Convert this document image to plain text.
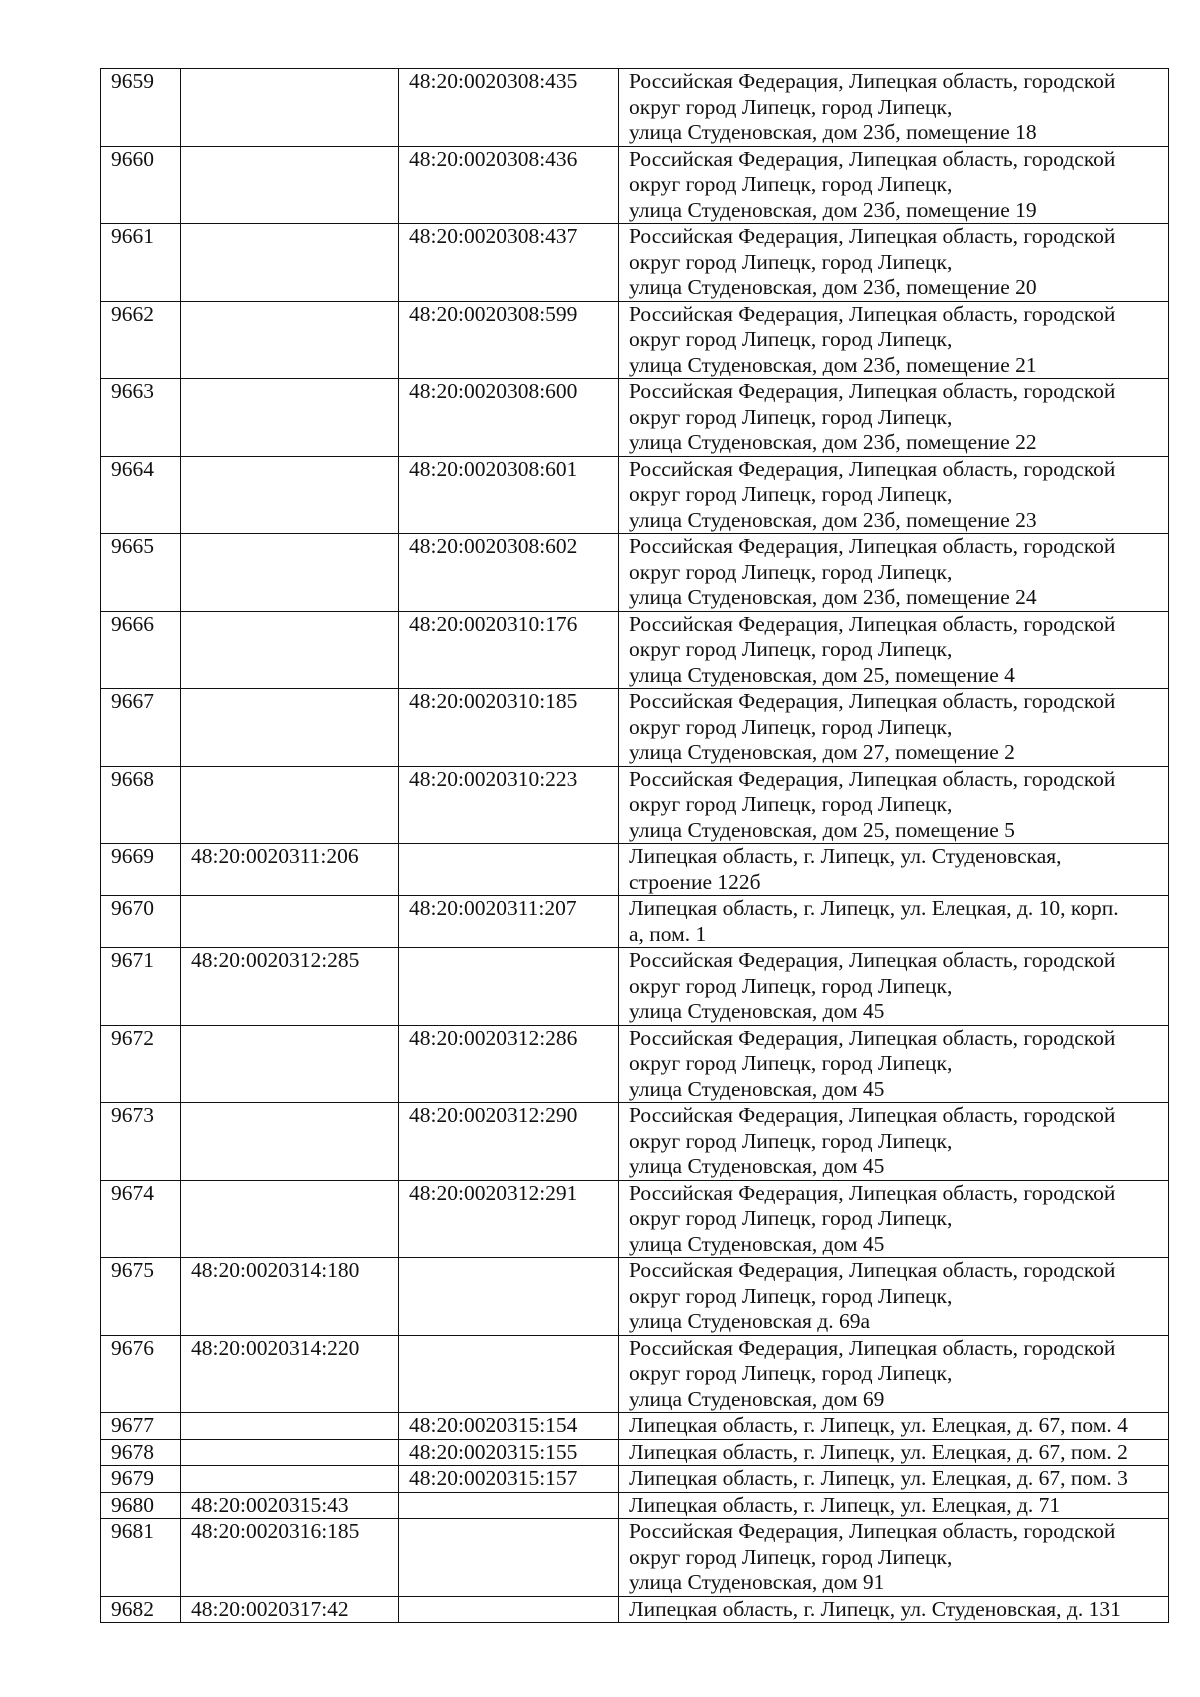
9659		48:20:0020308:435	Российская Федерация, Липецкая область, городской
округ город Липецк, город Липецк,
улица Студеновская, дом 23б, помещение 18
9660		48:20:0020308:436	Российская Федерация, Липецкая область, городской
округ город Липецк, город Липецк,
улица Студеновская, дом 23б, помещение 19
9661		48:20:0020308:437	Российская Федерация, Липецкая область, городской
округ город Липецк, город Липецк,
улица Студеновская, дом 23б, помещение 20
9662		48:20:0020308:599	Российская Федерация, Липецкая область, городской
округ город Липецк, город Липецк,
улица Студеновская, дом 23б, помещение 21
9663		48:20:0020308:600	Российская Федерация, Липецкая область, городской
округ город Липецк, город Липецк,
улица Студеновская, дом 23б, помещение 22
9664		48:20:0020308:601	Российская Федерация, Липецкая область, городской
округ город Липецк, город Липецк,
улица Студеновская, дом 23б, помещение 23
9665		48:20:0020308:602	Российская Федерация, Липецкая область, городской
округ город Липецк, город Липецк,
улица Студеновская, дом 23б, помещение 24
9666		48:20:0020310:176	Российская Федерация, Липецкая область, городской
округ город Липецк, город Липецк,
улица Студеновская, дом 25, помещение 4
9667		48:20:0020310:185	Российская Федерация, Липецкая область, городской
округ город Липецк, город Липецк,
улица Студеновская, дом 27, помещение 2
9668		48:20:0020310:223	Российская Федерация, Липецкая область, городской
округ город Липецк, город Липецк,
улица Студеновская, дом 25, помещение 5
9669	48:20:0020311:206		Липецкая область, г. Липецк, ул. Студеновская,
строение 122б
9670		48:20:0020311:207	Липецкая область, г. Липецк, ул. Елецкая, д. 10, корп.
а, пом. 1
9671	48:20:0020312:285		Российская Федерация, Липецкая область, городской
округ город Липецк, город Липецк,
улица Студеновская, дом 45
9672		48:20:0020312:286	Российская Федерация, Липецкая область, городской
округ город Липецк, город Липецк,
улица Студеновская, дом 45
9673		48:20:0020312:290	Российская Федерация, Липецкая область, городской
округ город Липецк, город Липецк,
улица Студеновская, дом 45
9674		48:20:0020312:291	Российская Федерация, Липецкая область, городской
округ город Липецк, город Липецк,
улица Студеновская, дом 45
9675	48:20:0020314:180		Российская Федерация, Липецкая область, городской
округ город Липецк, город Липецк,
улица Студеновская д. 69а
9676	48:20:0020314:220		Российская Федерация, Липецкая область, городской
округ город Липецк, город Липецк,
улица Студеновская, дом 69
9677		48:20:0020315:154	Липецкая область, г. Липецк, ул. Елецкая, д. 67, пом. 4
9678		48:20:0020315:155	Липецкая область, г. Липецк, ул. Елецкая, д. 67, пом. 2
9679		48:20:0020315:157	Липецкая область, г. Липецк, ул. Елецкая, д. 67, пом. 3
9680	48:20:0020315:43		Липецкая область, г. Липецк, ул. Елецкая, д. 71
9681	48:20:0020316:185		Российская Федерация, Липецкая область, городской
округ город Липецк, город Липецк,
улица Студеновская, дом 91
9682	48:20:0020317:42		Липецкая область, г. Липецк, ул. Студеновская, д. 131
